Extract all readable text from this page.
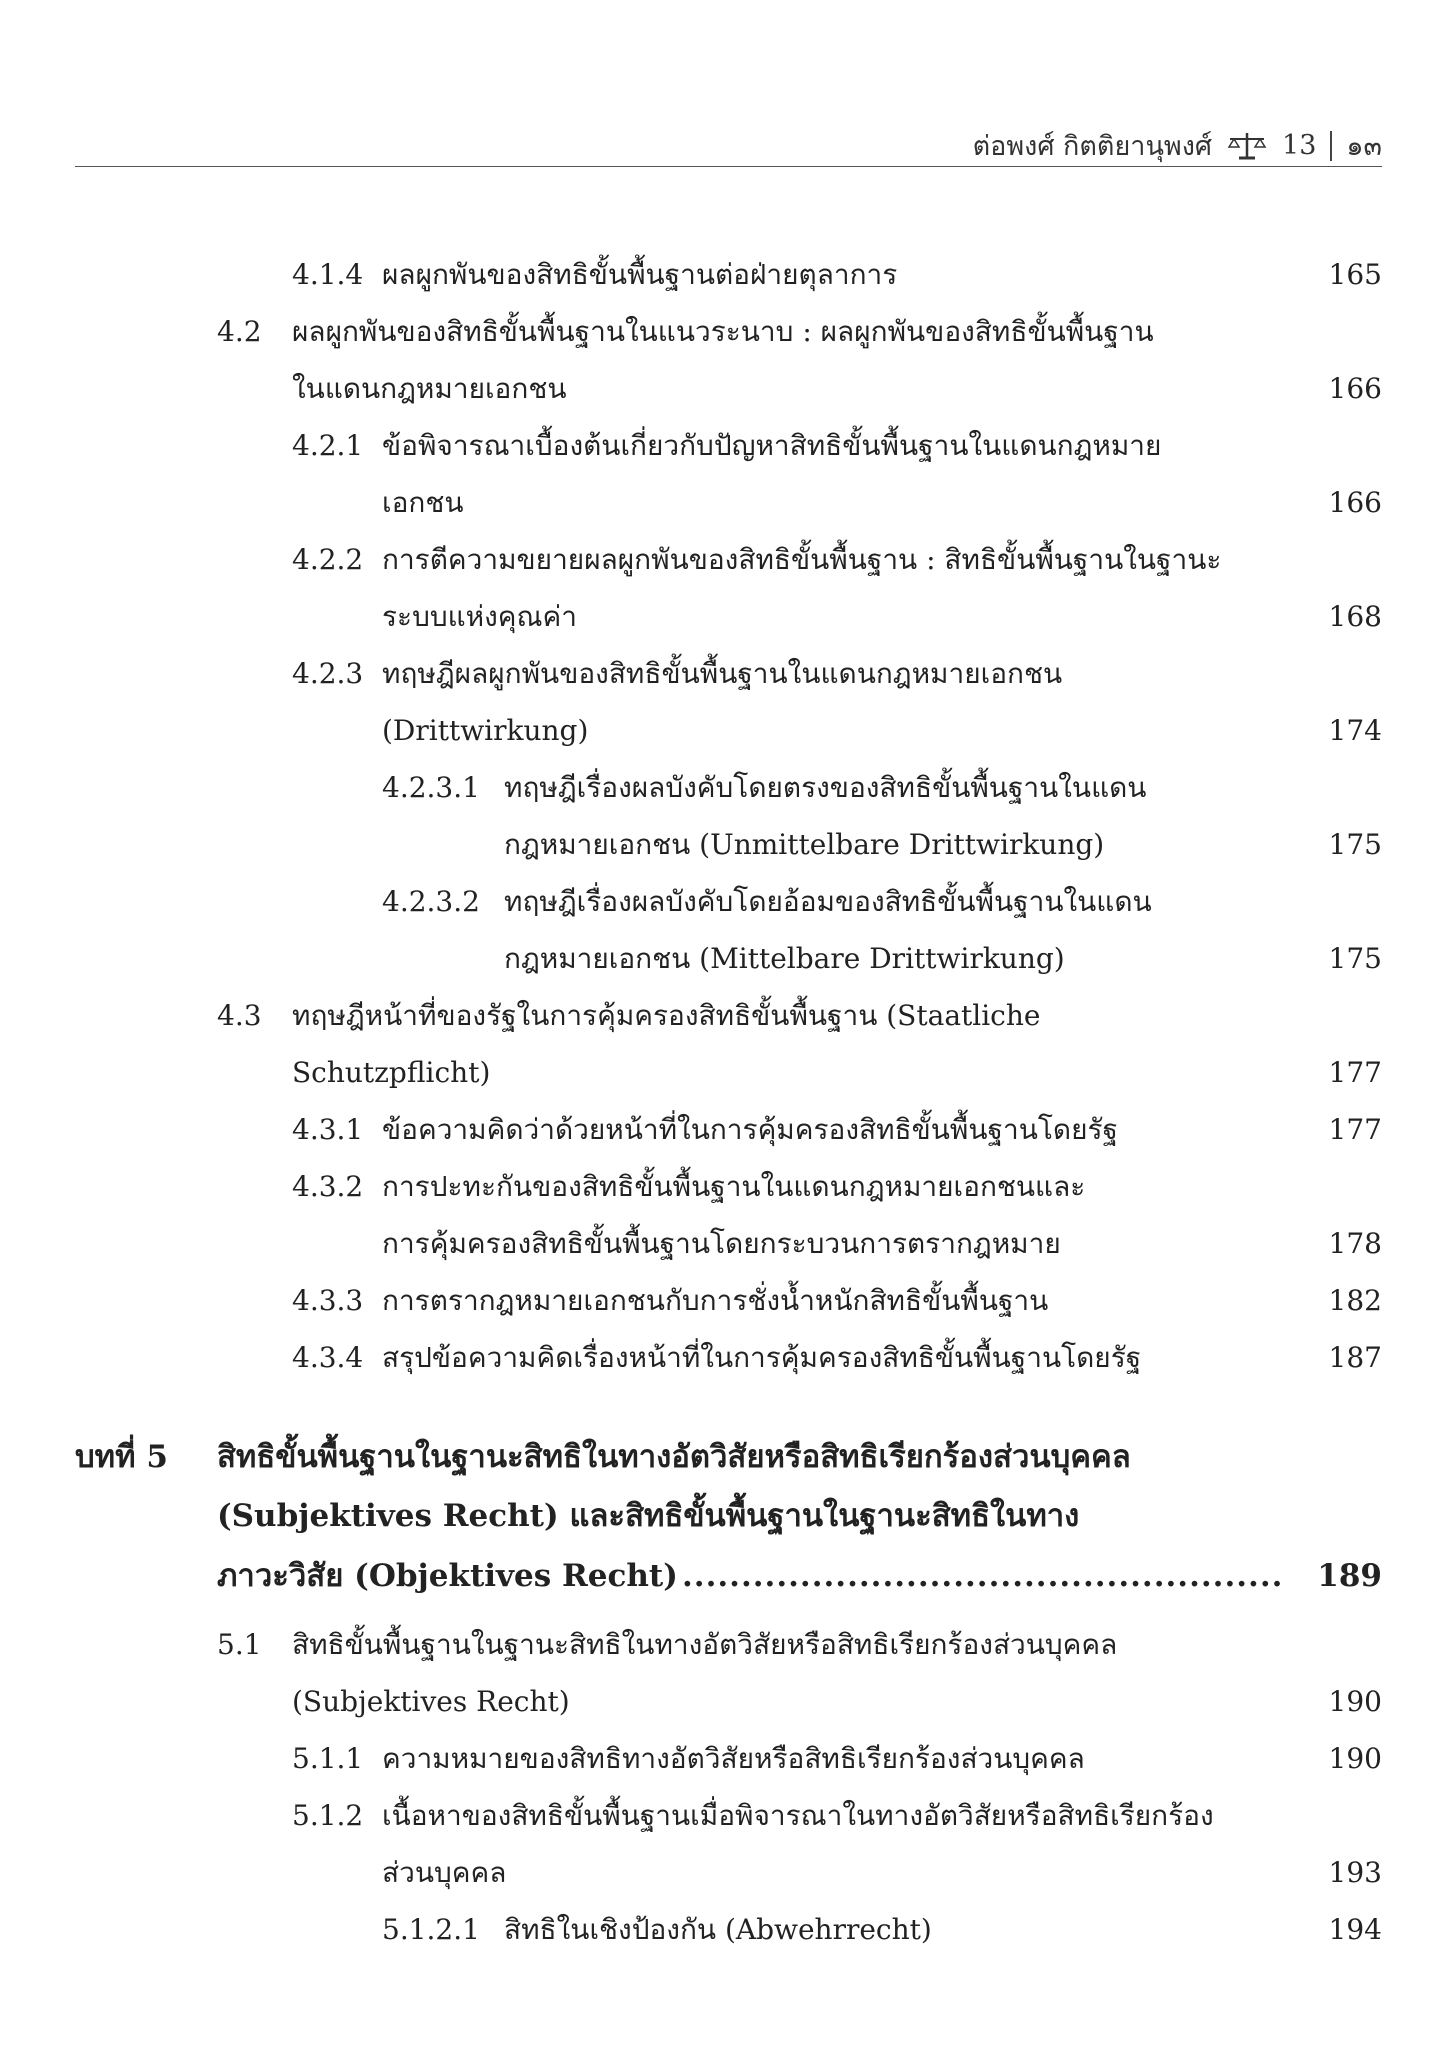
ต่อพงศ์ กิตติยานุพงศ์	13 ๑๓
4.1.4 ผลผูกพันของสิทธิขั้นพื้นฐานต่อฝ่ายตุลาการ	165
4.2 ผลผูกพันของสิทธิขั้นพื้นฐานในแนวระนาบ : ผลผูกพันของสิทธิขั้นพื้นฐาน
ในแดนกฎหมายเอกชน	166
4.2.1 ข้อพิจารณาเบื้องต้นเกี่ยวกับปัญหาสิทธิขั้นพื้นฐานในแดนกฎหมาย
เอกชน	166
4.2.2 การตีความขยายผลผูกพันของสิทธิขั้นพื้นฐาน : สิทธิขั้นพื้นฐานในฐานะ
ระบบแห่งคุณค่า	168
4.2.3 ทฤษฎีผลผูกพันของสิทธิขั้นพื้นฐานในแดนกฎหมายเอกชน
(Drittwirkung)	174
4.2.3.1 ทฤษฎีเรื่องผลบังคับโดยตรงของสิทธิขั้นพื้นฐานในแดน
กฎหมายเอกชน (Unmittelbare Drittwirkung)	175
4.2.3.2 ทฤษฎีเรื่องผลบังคับโดยอ้อมของสิทธิขั้นพื้นฐานในแดน
กฎหมายเอกชน (Mittelbare Drittwirkung)	175
4.3 ทฤษฎีหน้าที่ของรัฐในการคุ้มครองสิทธิขั้นพื้นฐาน (Staatliche
Schutzpflicht)	177
4.3.1 ข้อความคิดว่าด้วยหน้าที่ในการคุ้มครองสิทธิขั้นพื้นฐานโดยรัฐ	177
4.3.2 การปะทะกันของสิทธิขั้นพื้นฐานในแดนกฎหมายเอกชนและ
การคุ้มครองสิทธิขั้นพื้นฐานโดยกระบวนการตรากฎหมาย	178
4.3.3 การตรากฎหมายเอกชนกับการชั่งน้ำหนักสิทธิขั้นพื้นฐาน	182
4.3.4 สรุปข้อความคิดเรื่องหน้าที่ในการคุ้มครองสิทธิขั้นพื้นฐานโดยรัฐ	187
บทที่ 5 สิทธิขั้นพื้นฐานในฐานะสิทธิในทางอัตวิสัยหรือสิทธิเรียกร้องส่วนบุคคล
(Subjektives Recht) และสิทธิขั้นพื้นฐานในฐานะสิทธิในทาง
ภาวะวิสัย (Objektives Recht) ................................................... 189
5.1 สิทธิขั้นพื้นฐานในฐานะสิทธิในทางอัตวิสัยหรือสิทธิเรียกร้องส่วนบุคคล
(Subjektives Recht)	190
5.1.1 ความหมายของสิทธิทางอัตวิสัยหรือสิทธิเรียกร้องส่วนบุคคล	190
5.1.2 เนื้อหาของสิทธิขั้นพื้นฐานเมื่อพิจารณาในทางอัตวิสัยหรือสิทธิเรียกร้อง
ส่วนบุคคล	193
5.1.2.1 สิทธิในเชิงป้องกัน (Abwehrrecht)	194
